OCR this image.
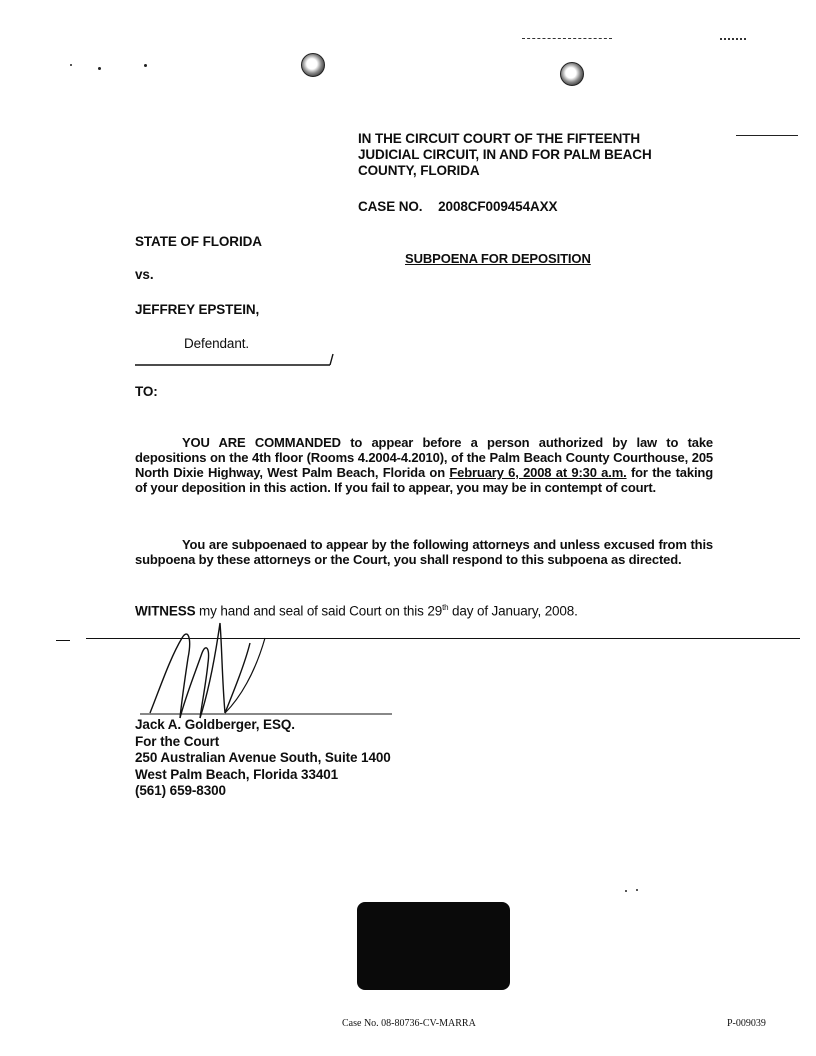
IN THE CIRCUIT COURT OF THE FIFTEENTH
JUDICIAL CIRCUIT, IN AND FOR PALM BEACH
COUNTY, FLORIDA
CASE NO. 2008CF009454AXX
STATE OF FLORIDA
SUBPOENA FOR DEPOSITION
vs.
JEFFREY EPSTEIN,
Defendant.
TO:
YOU ARE COMMANDED to appear before a person authorized by law to take depositions on the 4th floor (Rooms 4.2004-4.2010), of the Palm Beach County Courthouse, 205 North Dixie Highway, West Palm Beach, Florida on February 6, 2008 at 9:30 a.m. for the taking of your deposition in this action. If you fail to appear, you may be in contempt of court.
You are subpoenaed to appear by the following attorneys and unless excused from this subpoena by these attorneys or the Court, you shall respond to this subpoena as directed.
WITNESS my hand and seal of said Court on this 29th day of January, 2008.
Jack A. Goldberger, ESQ.
For the Court
250 Australian Avenue South, Suite 1400
West Palm Beach, Florida 33401
(561) 659-8300
Case No. 08-80736-CV-MARRA	P-009039
